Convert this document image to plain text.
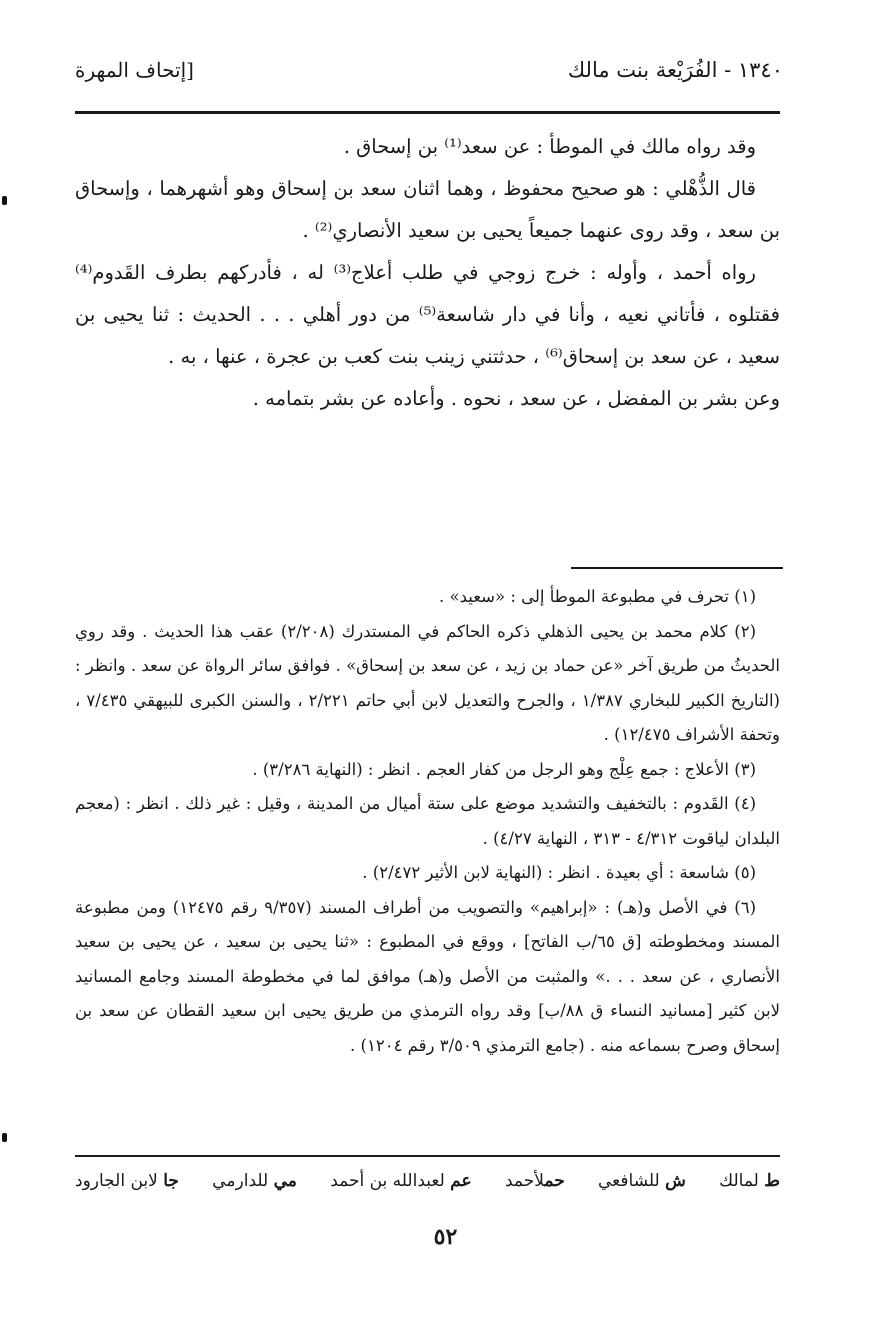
١٣٤٠ - الفُرَيْعة بنت مالك
[إتحاف المهرة

وقد رواه مالك في الموطأ : عن سعد⁽¹⁾ بن إسحاق .

قال الذُّهْلي : هو صحيح محفوظ ، وهما اثنان سعد بن إسحاق وهو أشهرهما ، وإسحاق بن سعد ، وقد روى عنهما جميعاً يحيى بن سعيد الأنصاري⁽²⁾ .

رواه أحمد ، وأوله : خرج زوجي في طلب أعلاج⁽³⁾ له ، فأدركهم بطرف القَدوم⁽⁴⁾ فقتلوه ، فأتاني نعيه ، وأنا في دار شاسعة⁽⁵⁾ من دور أهلي . . . الحديث : ثنا يحيى بن سعيد ، عن سعد بن إسحاق⁽⁶⁾ ، حدثتني زينب بنت كعب بن عجرة ، عنها ، به .

وعن بشر بن المفضل ، عن سعد ، نحوه . وأعاده عن بشر بتمامه .

(١) تحرف في مطبوعة الموطأ إلى : «سعيد» .

(٢) كلام محمد بن يحيى الذهلي ذكره الحاكم في المستدرك (٢/٢٠٨) عقب هذا الحديث . وقد روي الحديثُ من طريق آخر «عن حماد بن زيد ، عن سعد بن إسحاق» . فوافق سائر الرواة عن سعد . وانظر : (التاريخ الكبير للبخاري ١/٣٨٧ ، والجرح والتعديل لابن أبي حاتم ٢/٢٢١ ، والسنن الكبرى للبيهقي ٧/٤٣٥ ، وتحفة الأشراف ١٢/٤٧٥) .

(٣) الأعلاج : جمع عِلْج وهو الرجل من كفار العجم . انظر : (النهاية ٣/٢٨٦) .

(٤) القَدوم : بالتخفيف والتشديد موضع على ستة أميال من المدينة ، وقيل : غير ذلك . انظر : (معجم البلدان لياقوت ٤/٣١٢ - ٣١٣ ، النهاية ٤/٢٧) .

(٥) شاسعة : أي بعيدة . انظر : (النهاية لابن الأثير ٢/٤٧٢) .

(٦) في الأصل و(هـ) : «إبراهيم» والتصويب من أطراف المسند (٩/٣٥٧ رقم ١٢٤٧٥) ومن مطبوعة المسند ومخطوطته [ق ٦٥/ب الفاتح] ، ووقع في المطبوع : «ثنا يحيى بن سعيد ، عن يحيى بن سعيد الأنصاري ، عن سعد . . .» والمثبت من الأصل و(هـ) موافق لما في مخطوطة المسند وجامع المسانيد لابن كثير [مسانيد النساء ق ٨٨/ب] وقد رواه الترمذي من طريق يحيى ابن سعيد القطان عن سعد بن إسحاق وصرح بسماعه منه . (جامع الترمذي ٣/٥٠٩ رقم ١٢٠٤) .

ط لمالك
ش للشافعي
حملأحمد
عم لعبدالله بن أحمد
مي للدارمي
جا لابن الجارود
٥٢
